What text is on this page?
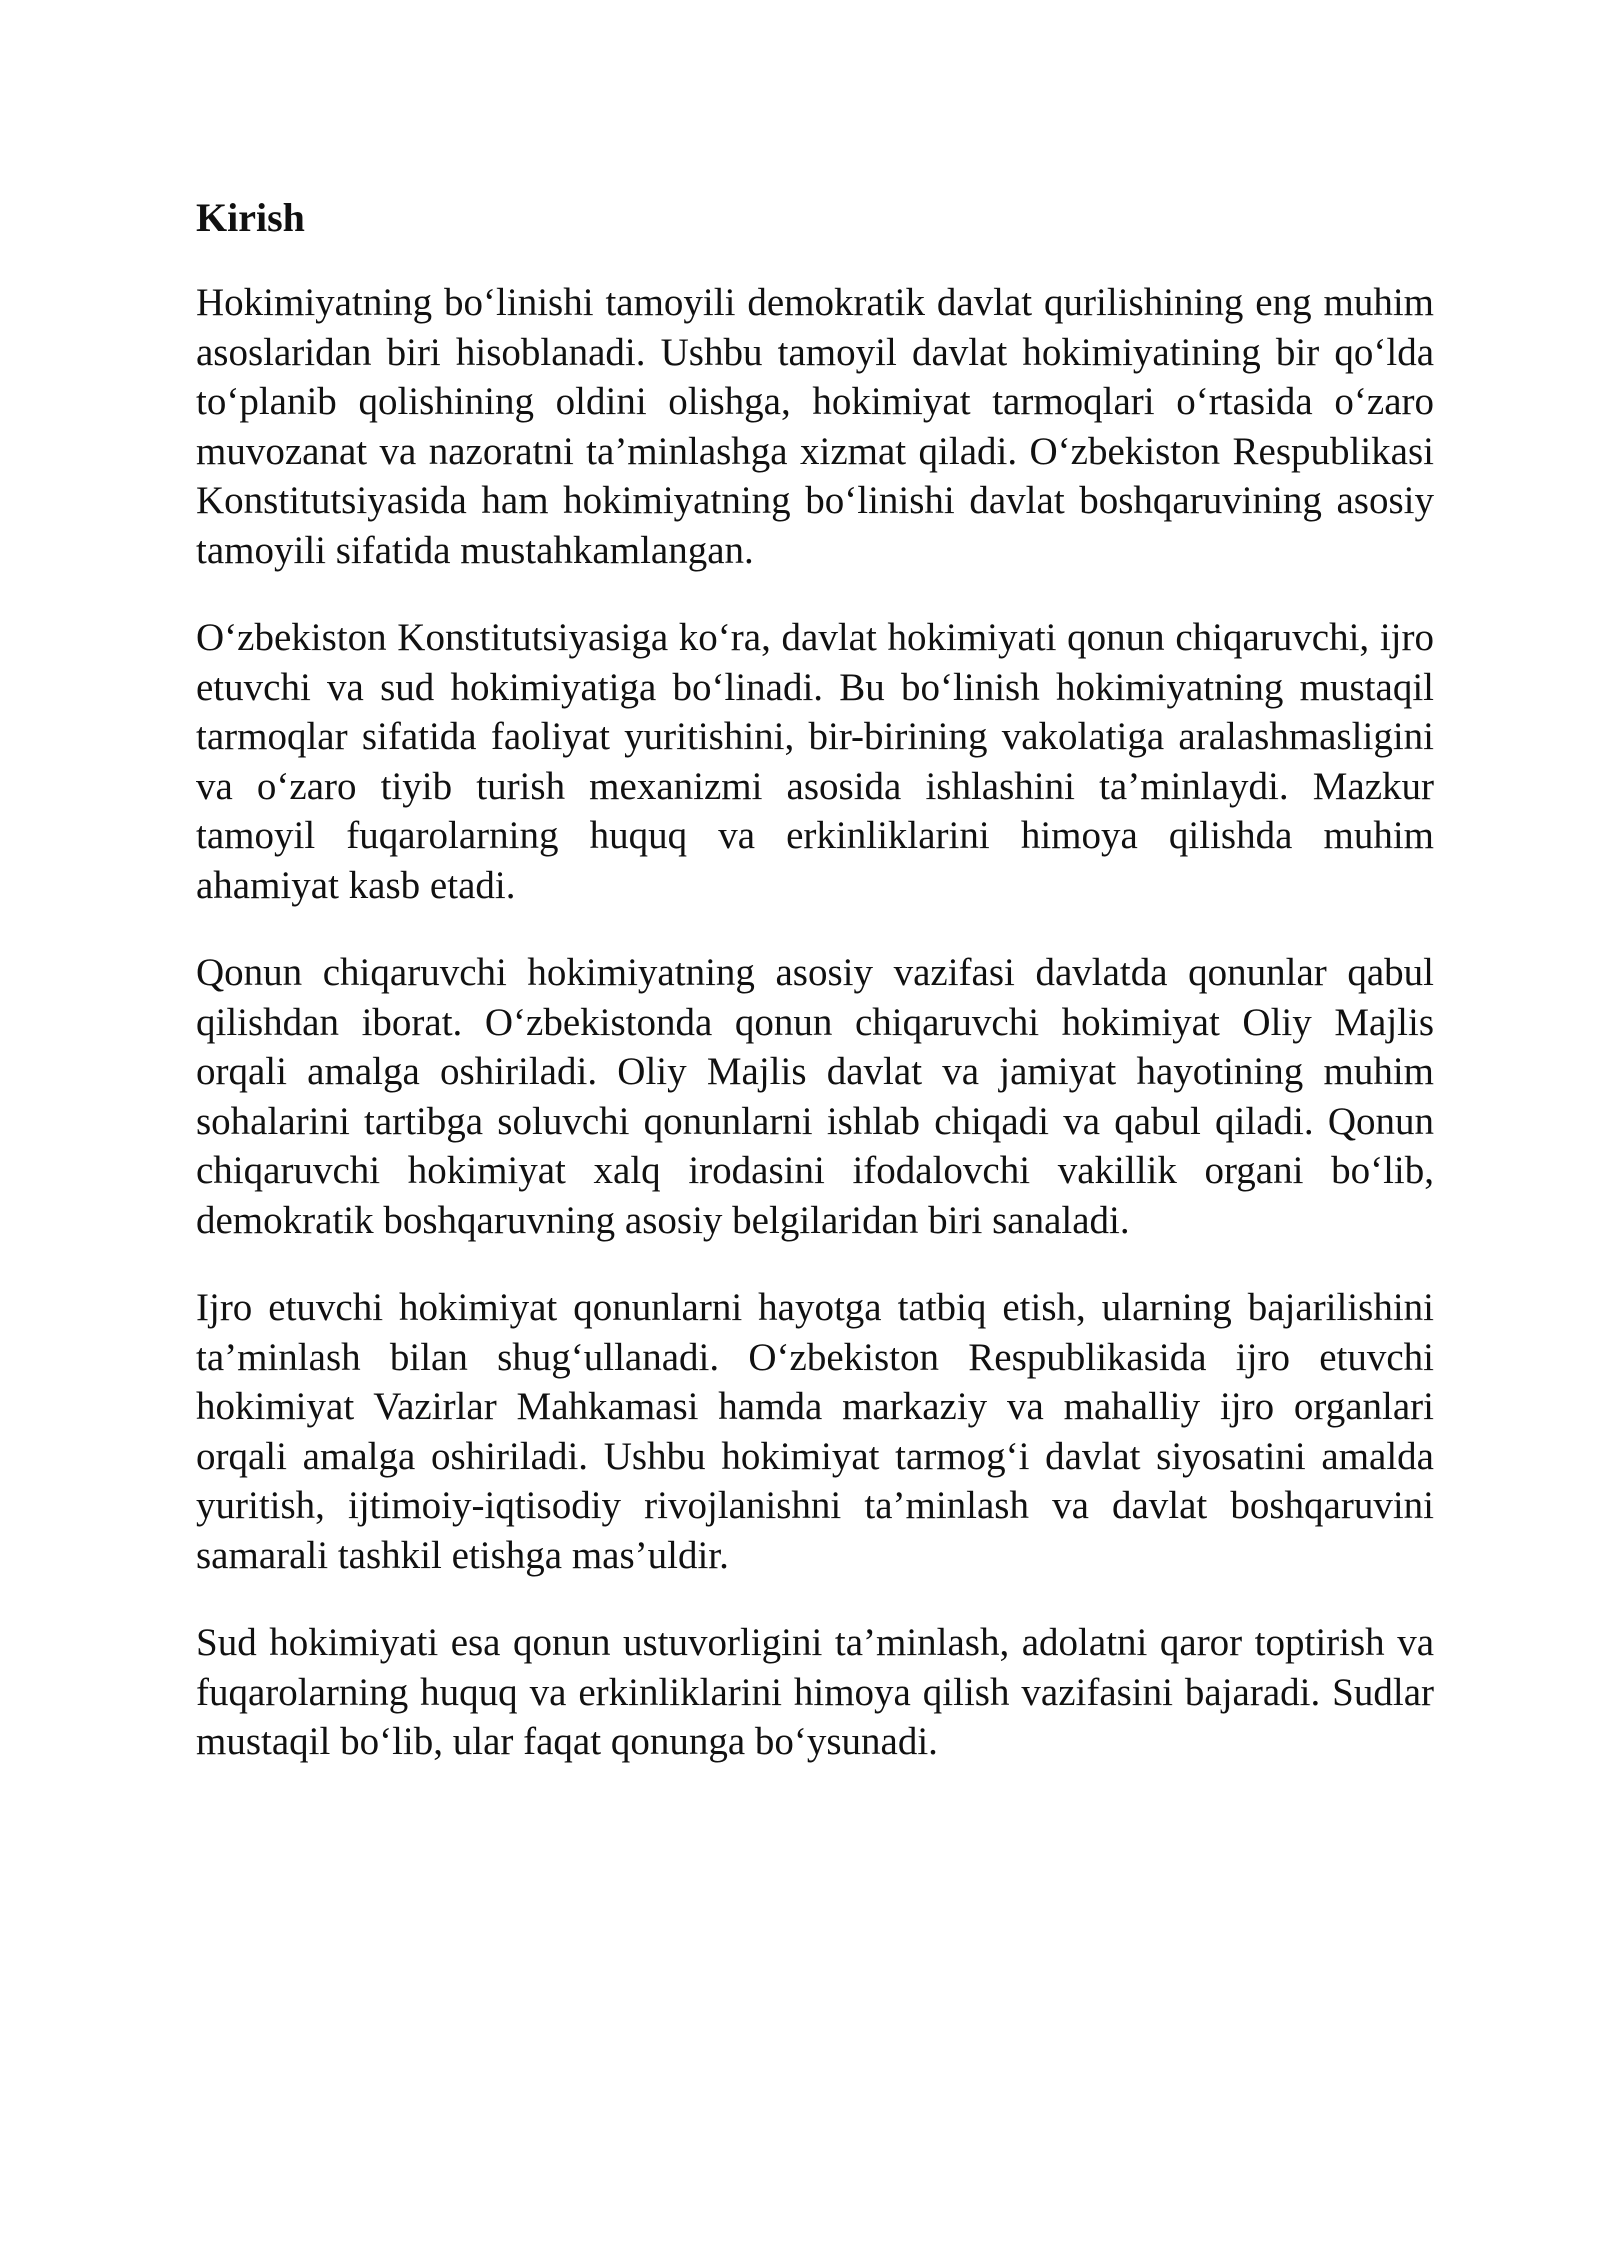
Kirish

Hokimiyatning bo‘linishi tamoyili demokratik davlat qurilishining eng muhim asoslaridan biri hisoblanadi. Ushbu tamoyil davlat hokimiyatining bir qo‘lda to‘planib qolishining oldini olishga, hokimiyat tarmoqlari o‘rtasida o‘zaro muvozanat va nazoratni ta’minlashga xizmat qiladi. O‘zbekiston Respublikasi Konstitutsiyasida ham hokimiyatning bo‘linishi davlat boshqaruvining asosiy tamoyili sifatida mustahkamlangan.

O‘zbekiston Konstitutsiyasiga ko‘ra, davlat hokimiyati qonun chiqaruvchi, ijro etuvchi va sud hokimiyatiga bo‘linadi. Bu bo‘linish hokimiyatning mustaqil tarmoqlar sifatida faoliyat yuritishini, bir-birining vakolatiga aralashmasligini va o‘zaro tiyib turish mexanizmi asosida ishlashini ta’minlaydi. Mazkur tamoyil fuqarolarning huquq va erkinliklarini himoya qilishda muhim ahamiyat kasb etadi.

Qonun chiqaruvchi hokimiyatning asosiy vazifasi davlatda qonunlar qabul qilishdan iborat. O‘zbekistonda qonun chiqaruvchi hokimiyat Oliy Majlis orqali amalga oshiriladi. Oliy Majlis davlat va jamiyat hayotining muhim sohalarini tartibga soluvchi qonunlarni ishlab chiqadi va qabul qiladi. Qonun chiqaruvchi hokimiyat xalq irodasini ifodalovchi vakillik organi bo‘lib, demokratik boshqaruvning asosiy belgilaridan biri sanaladi.

Ijro etuvchi hokimiyat qonunlarni hayotga tatbiq etish, ularning bajarilishini ta’minlash bilan shug‘ullanadi. O‘zbekiston Respublikasida ijro etuvchi hokimiyat Vazirlar Mahkamasi hamda markaziy va mahalliy ijro organlari orqali amalga oshiriladi. Ushbu hokimiyat tarmog‘i davlat siyosatini amalda yuritish, ijtimoiy-iqtisodiy rivojlanishni ta’minlash va davlat boshqaruvini samarali tashkil etishga mas’uldir.

Sud hokimiyati esa qonun ustuvorligini ta’minlash, adolatni qaror toptirish va fuqarolarning huquq va erkinliklarini himoya qilish vazifasini bajaradi. Sudlar mustaqil bo‘lib, ular faqat qonunga bo‘ysunadi.
